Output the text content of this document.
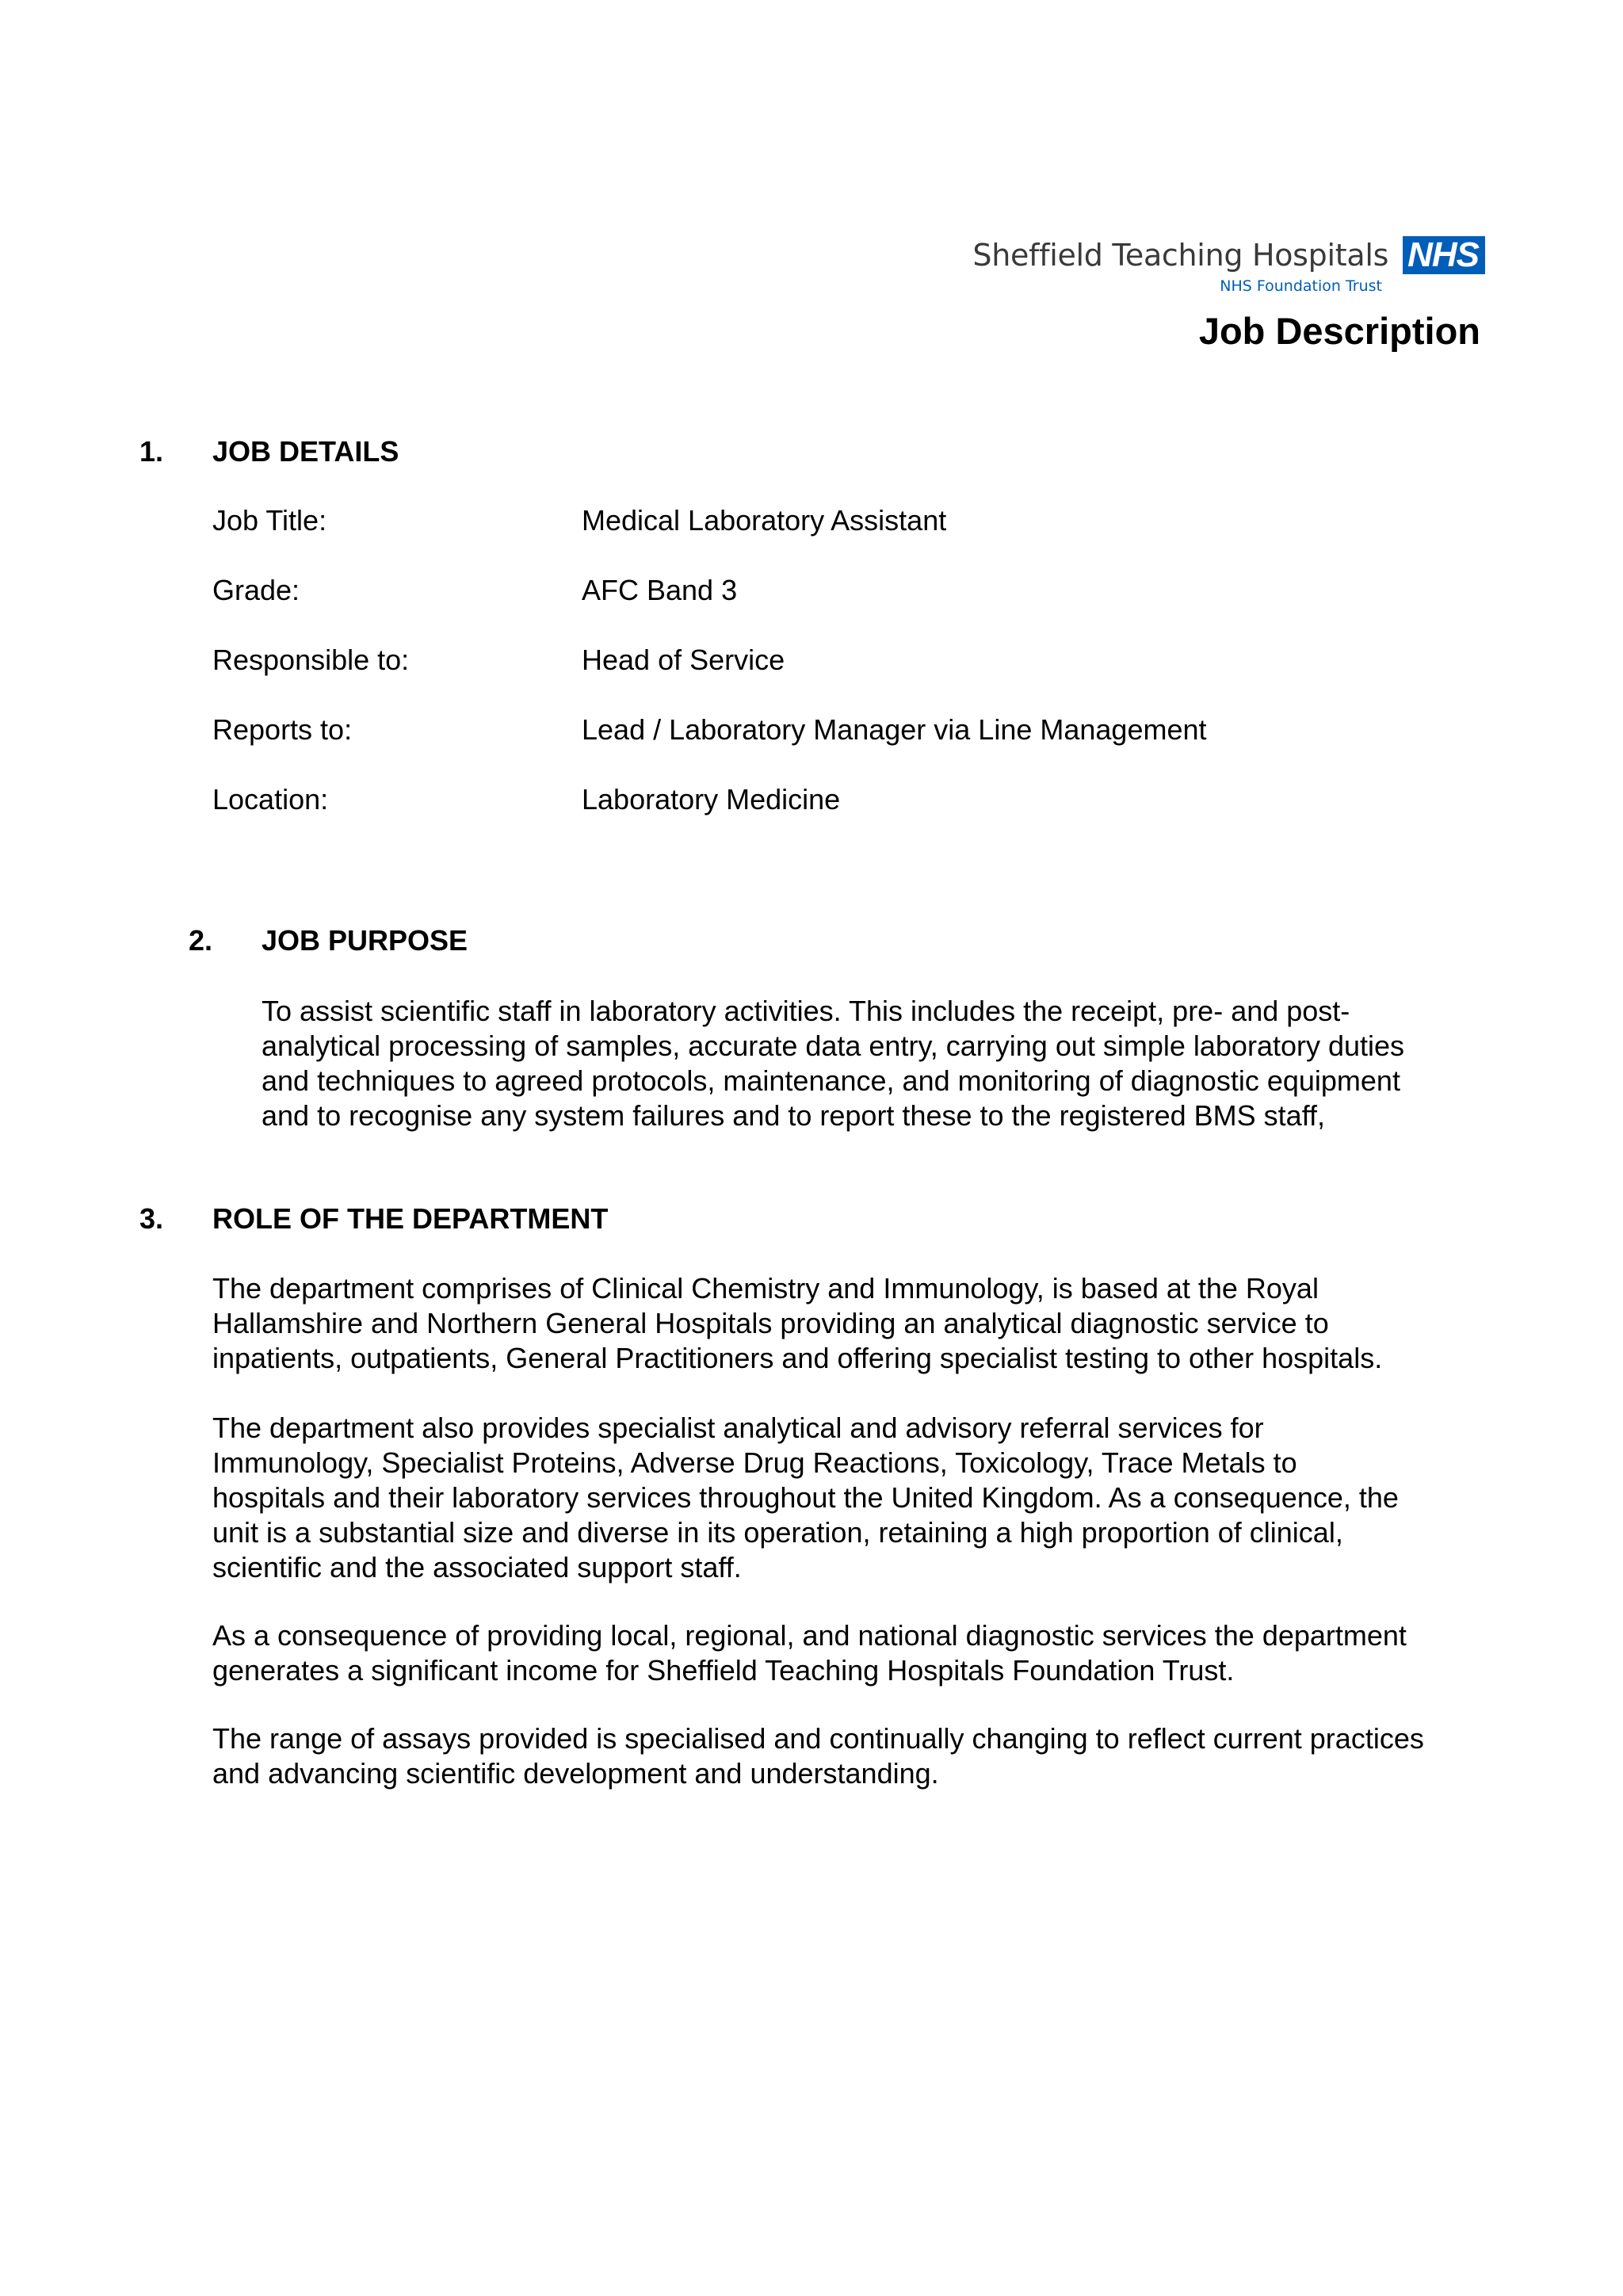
Sheffield Teaching Hospitals NHS
NHS Foundation Trust
Job Description
1. JOB DETAILS
Job Title:	Medical Laboratory Assistant
Grade:	AFC Band 3
Responsible to:	Head of Service
Reports to:	Lead / Laboratory Manager via Line Management
Location:	Laboratory Medicine
2. JOB PURPOSE
To assist scientific staff in laboratory activities. This includes the receipt, pre- and post-
analytical processing of samples, accurate data entry, carrying out simple laboratory duties
and techniques to agreed protocols, maintenance, and monitoring of diagnostic equipment
and to recognise any system failures and to report these to the registered BMS staff,
3. ROLE OF THE DEPARTMENT
The department comprises of Clinical Chemistry and Immunology, is based at the Royal
Hallamshire and Northern General Hospitals providing an analytical diagnostic service to
inpatients, outpatients, General Practitioners and offering specialist testing to other hospitals.
The department also provides specialist analytical and advisory referral services for
Immunology, Specialist Proteins, Adverse Drug Reactions, Toxicology, Trace Metals to
hospitals and their laboratory services throughout the United Kingdom. As a consequence, the
unit is a substantial size and diverse in its operation, retaining a high proportion of clinical,
scientific and the associated support staff.
As a consequence of providing local, regional, and national diagnostic services the department
generates a significant income for Sheffield Teaching Hospitals Foundation Trust.
The range of assays provided is specialised and continually changing to reflect current practices
and advancing scientific development and understanding.
